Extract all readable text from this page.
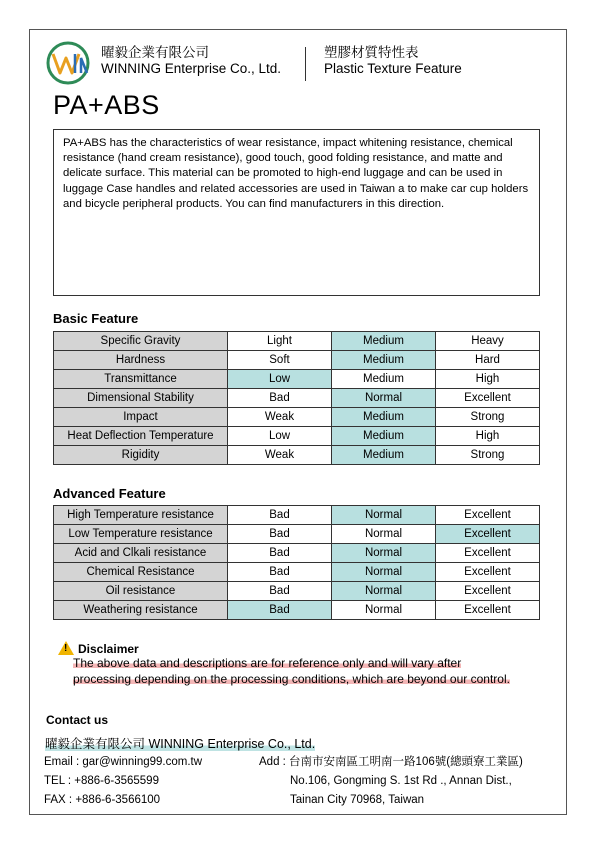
曜毅企業有限公司
WINNING Enterprise Co., Ltd.
塑膠材質特性表
Plastic Texture Feature
PA+ABS
PA+ABS has the characteristics of wear resistance, impact whitening resistance, chemical resistance (hand cream resistance), good touch, good folding resistance, and matte and delicate surface. This material can be promoted to high-end luggage and can be used in luggage Case handles and related accessories are used in Taiwan a to make car cup holders and bicycle peripheral products. You can find manufacturers in this direction.
Basic Feature
Specific Gravity	Light	Medium	Heavy
Hardness	Soft	Medium	Hard
Transmittance	Low	Medium	High
Dimensional Stability	Bad	Normal	Excellent
Impact	Weak	Medium	Strong
Heat Deflection Temperature	Low	Medium	High
Rigidity	Weak	Medium	Strong
Advanced Feature
High Temperature resistance	Bad	Normal	Excellent
Low Temperature resistance	Bad	Normal	Excellent
Acid and Clkali resistance	Bad	Normal	Excellent
Chemical Resistance	Bad	Normal	Excellent
Oil resistance	Bad	Normal	Excellent
Weathering resistance	Bad	Normal	Excellent
! Disclaimer
The above data and descriptions are for reference only and will vary after processing depending on the processing conditions, which are beyond our control.
Contact us
曜毅企業有限公司 WINNING Enterprise Co., Ltd.
Email : gar@winning99.com.tw
TEL : +886-6-3565599
FAX : +886-6-3566100
Add : 台南市安南區工明南一路106號(總頭寮工業區)
No.106, Gongming S. 1st Rd ., Annan Dist.,
Tainan City 70968, Taiwan
